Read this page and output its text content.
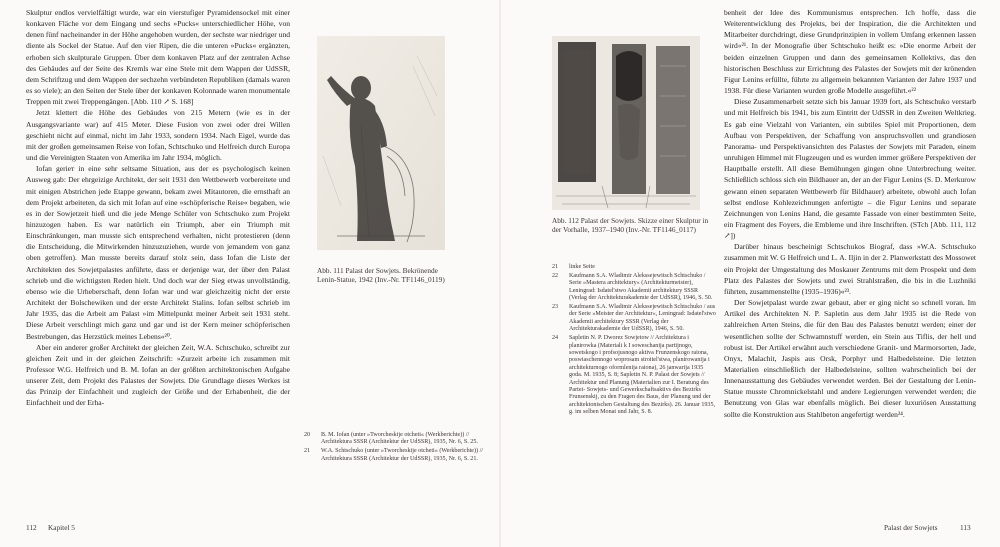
Skulptur endlos vervielfältigt wurde, war ein vierstufiger Pyramidensockel mit einer konkaven Fläche vor dem Eingang und sechs »Pucks« unterschiedlicher Höhe, von denen fünf nacheinander in der Höhe angehoben wurden, der sechste war niedriger und diente als Sockel der Statue. Auf den vier Ripen, die die unteren »Pucks« ergänzten, erhoben sich skulpturale Gruppen. Über dem konkaven Platz auf der zentralen Achse des Gebäudes auf der Seite des Kremls war eine Stele mit dem Wappen der UdSSR, dem Schriftzug und dem Wappen der sechzehn verbündeten Republiken (damals waren es so viele); an den Seiten der Stele über der konkaven Kolonnade waren monumentale Treppen mit zwei Treppengängen. [Abb. 110 ↗ S. 168]

Jetzt klettert die Höhe des Gebäudes von 215 Metern (wie es in der Ausgangsvariante war) auf 415 Meter. Diese Fusion von zwei oder drei Willen geschieht nicht auf einmal, nicht im Jahr 1933, sondern 1934. Nach Eigel, wurde das mit der großen gemeinsamen Reise von Iofan, Schtschuko und Helfreich durch Europa und die Vereinigten Staaten von Amerika im Jahr 1934, möglich.

Iofan gerieт in eine sehr seltsame Situation, aus der es psychologisch keinen Ausweg gab: Der ehrgeizige Architekt, der seit 1931 den Wettbewerb vorbereitete und mit einigen Abstrichen jede Etappe gewann, bekam zwei Mitautoren, die ernsthaft an dem Projekt arbeiteten, da sich mit Iofan auf eine »schöpferische Reise« begaben, wie es in der Sowjetzeit hieß und die jede Menge Schüler von Schtschuko zum Projekt hinzuzogen haben. Es war natürlich ein Triumph, aber ein Triumph mit Einschränkungen, man musste sich entsprechend verhalten, nicht protestieren (denn die Entscheidung, die Mitwirkenden hinzuzuziehen, wurde von jemandem von ganz oben getroffen). Man musste bereits darauf stolz sein, dass Iofan die Liste der Architekten des Sowjetpalastes anführte, dass er derjenige war, der über den Palast schrieb und die wichtigsten Reden hielt. Und doch war der Sieg etwas unvollständig, ebenso wie die Urheberschaft, denn Iofan war und war gleichzeitig nicht der erste Architekt der Bolschewiken und der erste Architekt Stalins. Iofan selbst schrieb im Jahr 1935, das die Arbeit am Palast »im Mittelpunkt meiner Arbeit seit 1931 steht. Diese Arbeit verschlingt mich ganz und gar und ist der Kern meiner schöpferischen Bestrebungen, das Herzstück meines Lebens«²⁰.

Aber ein anderer großer Architekt der gleichen Zeit, W.A. Schtschuko, schreibt zur gleichen Zeit und in der gleichen Zeitschrift: »Zurzeit arbeite ich zusammen mit Professor W.G. Helfreich und B. M. Iofan an der größten architektonischen Aufgabe unserer Zeit, dem Projekt des Palastes der Sowjets. Die Grundlage dieses Werkes ist das Prinzip der Einfachheit und zugleich der Größe und der Erhabenheit, die der Einfachheit und der Erha-

Abb. 111 Palast der Sowjets. Bekrönende Lenin-Statue, 1942 (Inv.-Nr. TF1146_0119)
20	B. M. Iofan (unter »Tworcheskije otcheti« (Werkberichte)) // Architektura SSSR (Architektur der UdSSR), 1935, Nr. 6, S. 25.
21	W.A. Schtschuko (unter »Tworcheskije otcheti« (Werkberichte)) // Architektura SSSR (Architektur der UdSSR), 1935, Nr. 6, S. 21.
112 Kapitel 5
Abb. 112 Palast der Sowjets. Skizze einer Skulptur in der Vorhalle, 1937–1940 (Inv.-Nr. TF1146_0117)
21	linke Seite
22	Kaufmann S.A. Wladimir Alekssejewitsch Schtschuko / Serie »Mastera architektury« (Architekturmeister), Leningrad: Isdatel'stwo Akademii architektury SSSR (Verlag der Architekturakademie der UdSSR), 1946, S. 50.
23	Kaufmann S.A. Wladimir Alekssejewitsch Schtschuko / aus der Serie »Meister der Architektur«, Leningrad: Isdatel'stwo Akademii architektury SSSR (Verlag der Architekturakademie der UdSSR), 1946, S. 50.
24	Sapletin N. P. Dworez Sowjetow // Architektura i planirowka (Materiali k I soweschanija partijnogo, sowetskogo i profsojusnogo aktiva Frunzenskogo raiona, poswiaschennogo woprosam stroitel'stwa, planirowanija i architekturnogo oformlenija raiona), 26 janwarija 1935 goda. M. 1935, S. 8; Sapletin N. P. Palast der Sowjets // Architektur und Planung (Materialien zur I. Beratung des Partei- Sowjets- und Gewerkschaftsaktivs des Bezirks Frunsenskij, zu den Fragen des Baus, der Planung und der architektonischen Gestaltung des Bezirks). 26. Januar 1935, g. im selben Monat und Jahr, S. 8.

benheit der Idee des Kommunismus entsprechen. Ich hoffe, dass die Weiterentwicklung des Projekts, bei der Inspiration, die die Architekten und Mitarbeiter durchdringt, diese Grundprinzipien in vollem Umfang erkennen lassen wird«²¹. In der Monografie über Schtschuko heißt es: »Die enorme Arbeit der beiden einzelnen Gruppen und dann des gemeinsamen Kollektivs, das den historischen Beschluss zur Errichtung des Palastes der Sowjets mit der krönenden Figur Lenins erfüllte, führte zu allgemein bekannten Varianten der Jahre 1937 und 1938. Für diese Varianten wurden große Modelle ausgeführt.«²²

Diese Zusammenarbeit setzte sich bis Januar 1939 fort, als Schtschuko verstarb und mit Helfreich bis 1941, bis zum Eintritt der UdSSR in den Zweiten Weltkrieg. Es gab eine Vielzahl von Varianten, ein subtiles Spiel mit Proportionen, dem Aufbau von Perspektiven, der Schaffung von anspruchsvollen und grandiosen Panorama- und Perspektivansichten des Palastes der Sowjets mit Paraden, einem unruhigen Himmel mit Flugzeugen und es wurden immer größere Perspektiven der Hauptballe erstellt. All diese Bemühungen gingen ohne Unterbrechung weiter. Schließlich schloss sich ein Bildhauer an, der an der Figur Lenins (S. D. Merkurow gewann einen separaten Wettbewerb für Bildhauer) arbeitete, obwohl auch Iofan selbst endlose Kohlezeichnungen anfertigte – die Figur Lenins und separate Zeichnungen von Lenins Hand, die gesamte Fassade von einer bestimmten Seite, ein Fragment des Foyers, die Embleme und ihre Inschriften. (STch [Abb. 111, 112 ↗])

Darüber hinaus bescheinigt Schtschukos Biograf, dass »W.A. Schtschuko zusammen mit W. G Helfreich und L. A. Iljin in der 2. Planwerkstatt des Mossowet ein Projekt der Umgestaltung des Moskauer Zentrums mit dem Prospekt und dem Platz des Palastes der Sowjets und zwei Strahlstraßen, die bis in die Luzhniki führten, zusammenstellte (1935–1936)«²³.

Der Sowjetpalast wurde zwar gebaut, aber er ging nicht so schnell voran. Im Artikel des Architekten N. P. Sapletin aus dem Jahr 1935 ist die Rede von zahlreichen Arten Steins, die für den Bau des Palastes benutzt werden; einer der wesentlichen sollte der Schwamnstuff werden, ein Stein aus Tiflis, der hell und robust ist. Der Artikel erwähnt auch verschiedene Granit- und Marmorsorten, Jade, Onyx, Malachit, Jaspis aus Orsk, Porphyr und Halbedelsteine. Die letzten Materialien einschließlich der Halbedelsteine, sollten wahrscheinlich bei der Innenausstattung des Gebäudes verwendet werden. Bei der Gestaltung der Lenin-Statue musste Chromnickelstahl und andere Legierungen verwendet werden; die Benutzung von Glas war ebenfalls möglich. Bei dieser luxuriösen Ausstattung sollte die Konstruktion aus Stahlbeton angefertigt werden²⁴.

Palast der Sowjets	113
